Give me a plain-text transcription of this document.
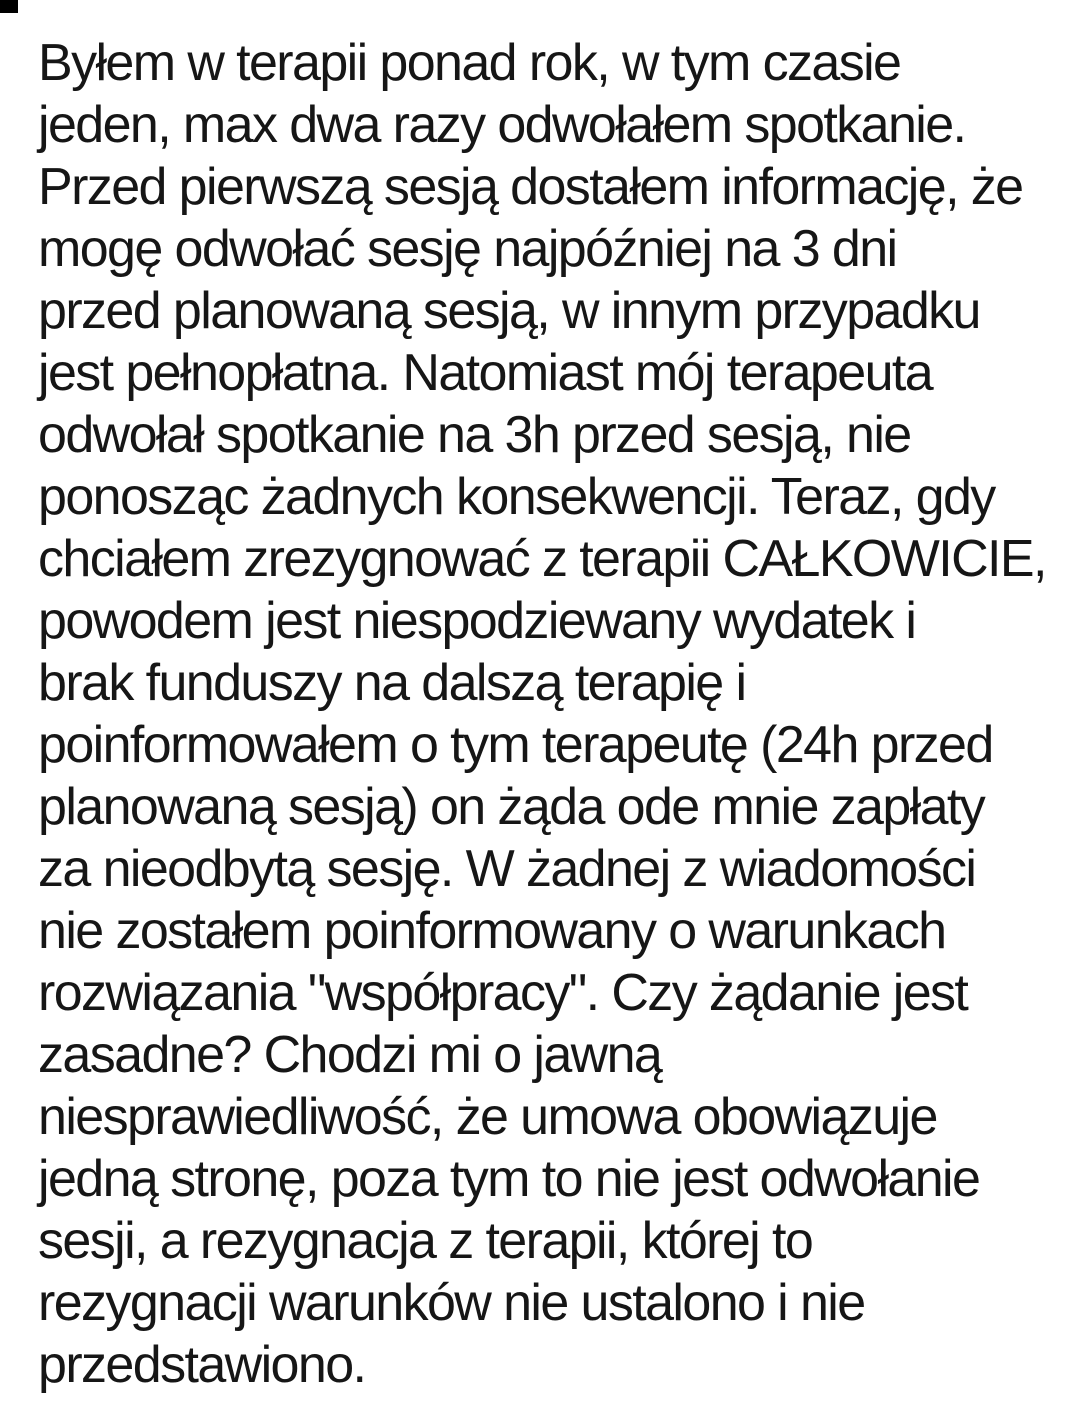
Byłem w terapii ponad rok, w tym czasie
jeden, max dwa razy odwołałem spotkanie.
Przed pierwszą sesją dostałem informację, że
mogę odwołać sesję najpóźniej na 3 dni
przed planowaną sesją, w innym przypadku
jest pełnopłatna. Natomiast mój terapeuta
odwołał spotkanie na 3h przed sesją, nie
ponosząc żadnych konsekwencji. Teraz, gdy
chciałem zrezygnować z terapii CAŁKOWICIE,
powodem jest niespodziewany wydatek i
brak funduszy na dalszą terapię i
poinformowałem o tym terapeutę (24h przed
planowaną sesją) on żąda ode mnie zapłaty
za nieodbytą sesję. W żadnej z wiadomości
nie zostałem poinformowany o warunkach
rozwiązania "współpracy". Czy żądanie jest
zasadne? Chodzi mi o jawną
niesprawiedliwość, że umowa obowiązuje
jedną stronę, poza tym to nie jest odwołanie
sesji, a rezygnacja z terapii, której to
rezygnacji warunków nie ustalono i nie
przedstawiono.
